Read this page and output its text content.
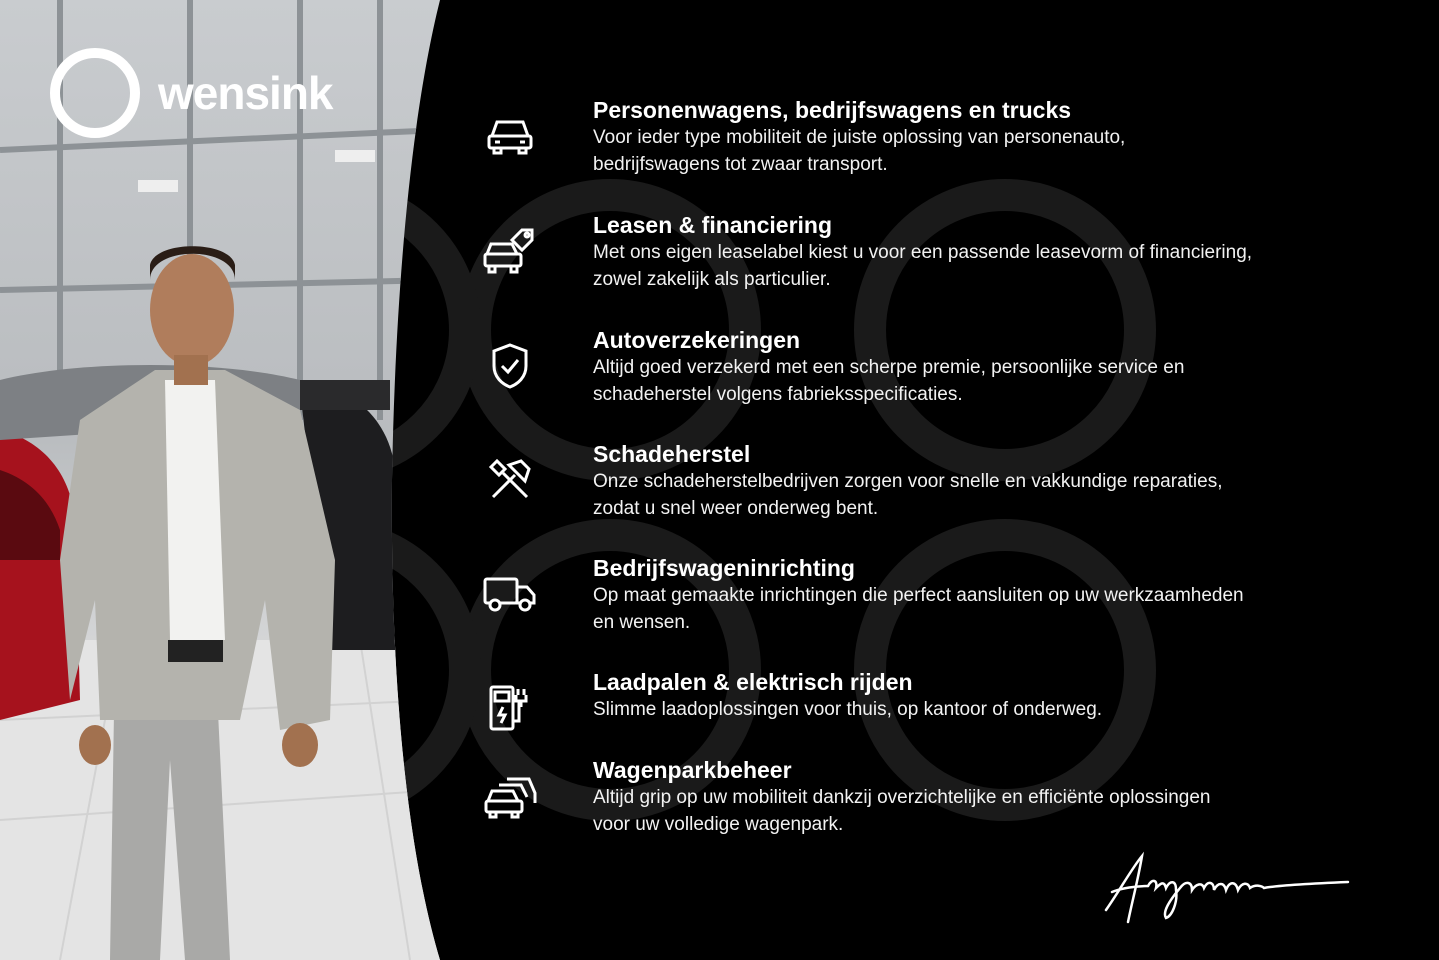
wensink	Personenwagens, bedrijfswagens en trucks
Voor ieder type mobiliteit de juiste oplossing van personenauto,
bedrijfswagens tot zwaar transport.
Leasen & financiering
Met ons eigen leaselabel kiest u voor een passende leasevorm of financiering,
zowel zakelijk als particulier.
Autoverzekeringen
Altijd goed verzekerd met een scherpe premie, persoonlijke service en
schadeherstel volgens fabrieksspecificaties.
Schadeherstel
Onze schadeherstelbedrijven zorgen voor snelle en vakkundige reparaties,
zodat u snel weer onderweg bent.
Bedrijfswageninrichting
Op maat gemaakte inrichtingen die perfect aansluiten op uw werkzaamheden
en wensen.
Laadpalen & elektrisch rijden
Slimme laadoplossingen voor thuis, op kantoor of onderweg.
Wagenparkbeheer
Altijd grip op uw mobiliteit dankzij overzichtelijke en efficiënte oplossingen
voor uw volledige wagenpark.
